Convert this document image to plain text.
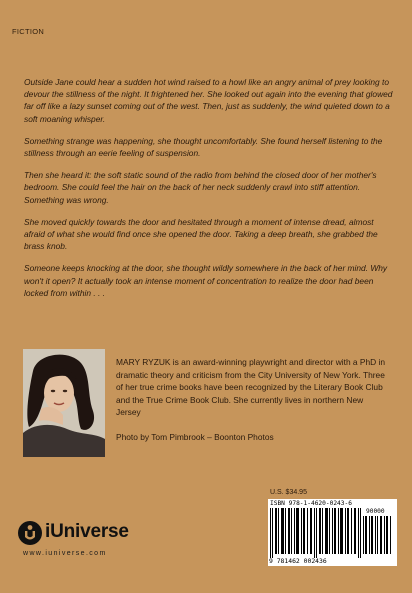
FICTION

Outside Jane could hear a sudden hot wind raised to a howl like an angry animal of prey looking to devour the stillness of the night. It frightened her. She looked out again into the evening that glowed far off like a lazy sunset coming out of the west. Then, just as suddenly, the wind quieted down to a soft moaning whisper.

Something strange was happening, she thought uncomfortably. She found herself listening to the stillness through an eerie feeling of suspension.

Then she heard it: the soft static sound of the radio from behind the closed door of her mother's bedroom. She could feel the hair on the back of her neck suddenly crawl into stiff attention. Something was wrong.

She moved quickly towards the door and hesitated through a moment of intense dread, almost afraid of what she would find once she opened the door. Taking a deep breath, she grabbed the brass knob.

Someone keeps knocking at the door, she thought wildly somewhere in the back of her mind. Why won't it open? It actually took an intense moment of concentration to realize the door had been locked from within . . .

MARY RYZUK is an award-winning playwright and director with a PhD in dramatic theory and criticism from the City University of New York. Three of her true crime books have been recognized by the Literary Book Club and the True Crime Book Club. She currently lives in northern New Jersey

Photo by Tom Pimbrook – Boonton Photos

U.S. $34.95
ISBN 978-1-4620-0243-6
90000
9 781462 002436
iUniverse
www.iuniverse.com
